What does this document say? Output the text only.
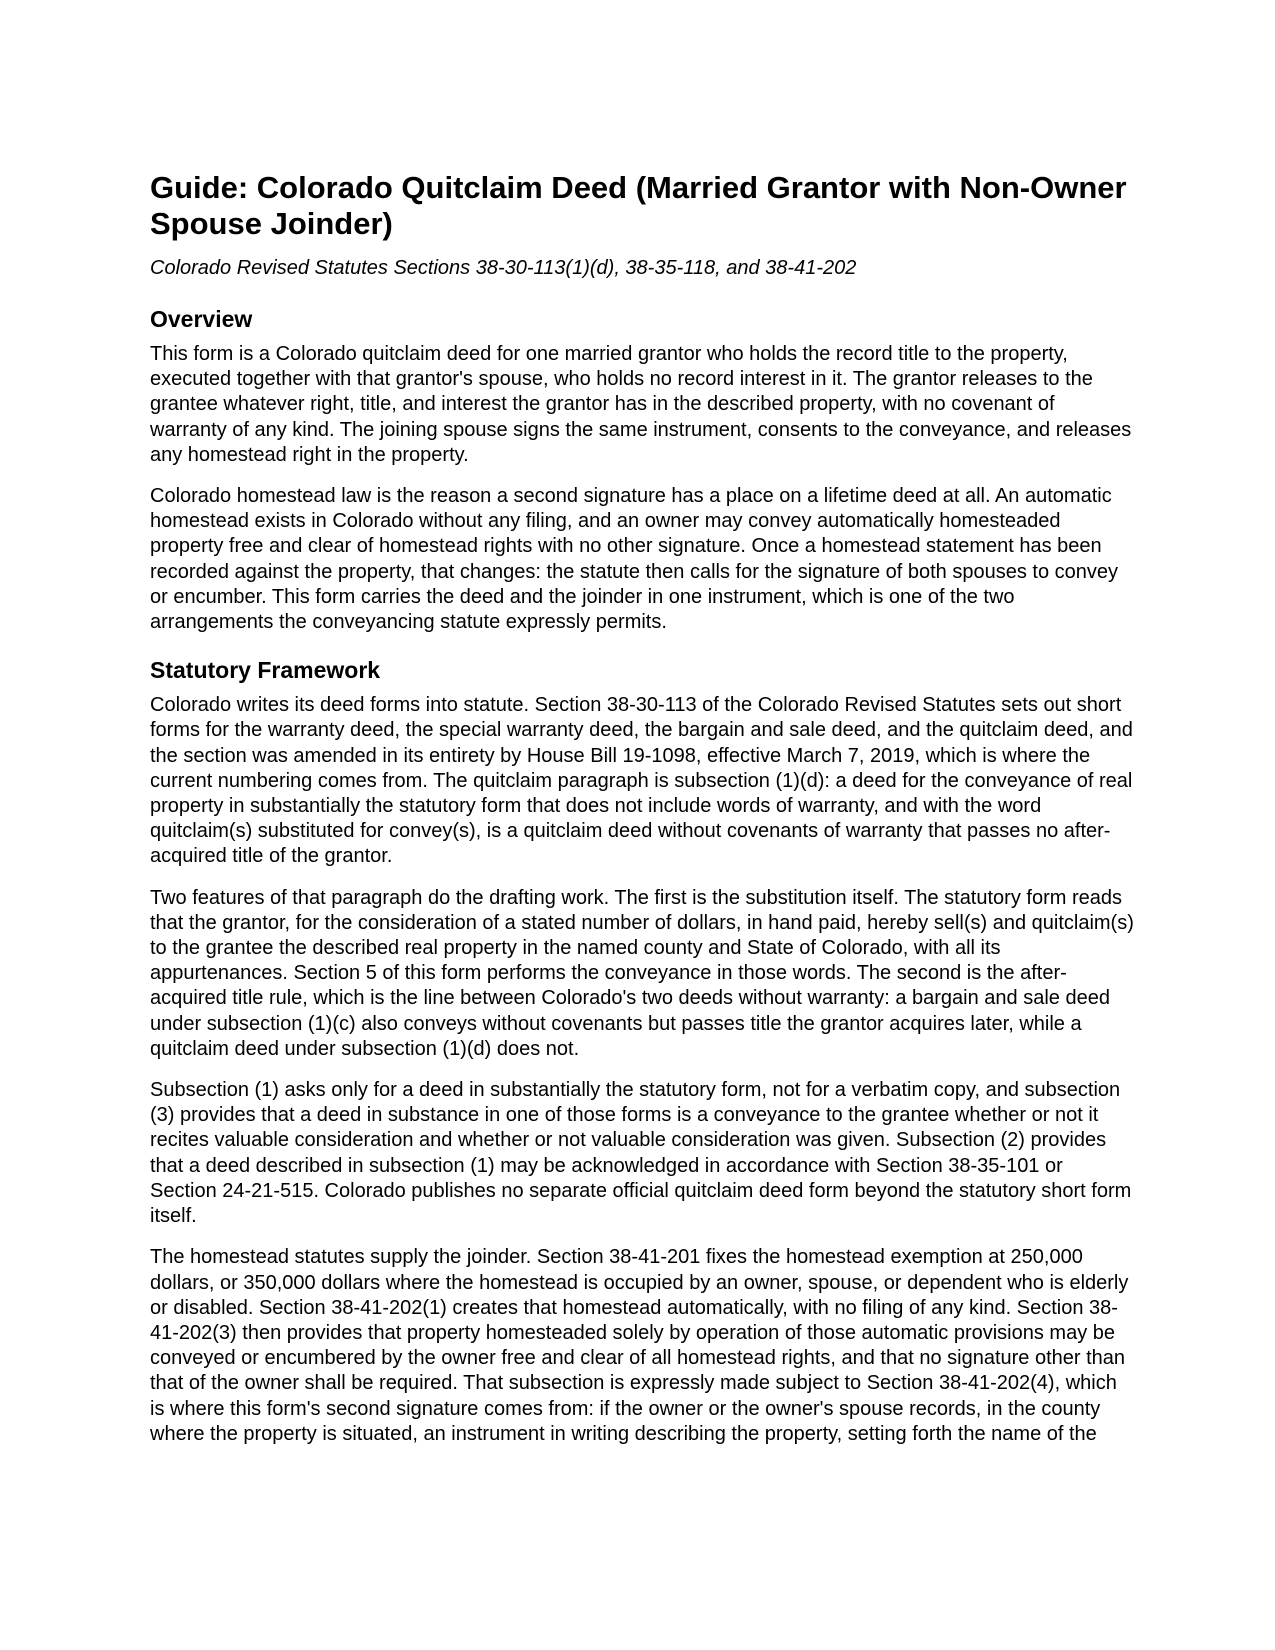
Guide: Colorado Quitclaim Deed (Married Grantor with Non-Owner Spouse Joinder)
Colorado Revised Statutes Sections 38-30-113(1)(d), 38-35-118, and 38-41-202
Overview

This form is a Colorado quitclaim deed for one married grantor who holds the record title to the property, executed together with that grantor's spouse, who holds no record interest in it. The grantor releases to the grantee whatever right, title, and interest the grantor has in the described property, with no covenant of warranty of any kind. The joining spouse signs the same instrument, consents to the conveyance, and releases any homestead right in the property.

Colorado homestead law is the reason a second signature has a place on a lifetime deed at all. An automatic homestead exists in Colorado without any filing, and an owner may convey automatically homesteaded property free and clear of homestead rights with no other signature. Once a homestead statement has been recorded against the property, that changes: the statute then calls for the signature of both spouses to convey or encumber. This form carries the deed and the joinder in one instrument, which is one of the two arrangements the conveyancing statute expressly permits.

Statutory Framework

Colorado writes its deed forms into statute. Section 38-30-113 of the Colorado Revised Statutes sets out short forms for the warranty deed, the special warranty deed, the bargain and sale deed, and the quitclaim deed, and the section was amended in its entirety by House Bill 19-1098, effective March 7, 2019, which is where the current numbering comes from. The quitclaim paragraph is subsection (1)(d): a deed for the conveyance of real property in substantially the statutory form that does not include words of warranty, and with the word quitclaim(s) substituted for convey(s), is a quitclaim deed without covenants of warranty that passes no after-acquired title of the grantor.

Two features of that paragraph do the drafting work. The first is the substitution itself. The statutory form reads that the grantor, for the consideration of a stated number of dollars, in hand paid, hereby sell(s) and quitclaim(s) to the grantee the described real property in the named county and State of Colorado, with all its appurtenances. Section 5 of this form performs the conveyance in those words. The second is the after-acquired title rule, which is the line between Colorado's two deeds without warranty: a bargain and sale deed under subsection (1)(c) also conveys without covenants but passes title the grantor acquires later, while a quitclaim deed under subsection (1)(d) does not.

Subsection (1) asks only for a deed in substantially the statutory form, not for a verbatim copy, and subsection (3) provides that a deed in substance in one of those forms is a conveyance to the grantee whether or not it recites valuable consideration and whether or not valuable consideration was given. Subsection (2) provides that a deed described in subsection (1) may be acknowledged in accordance with Section 38-35-101 or Section 24-21-515. Colorado publishes no separate official quitclaim deed form beyond the statutory short form itself.

The homestead statutes supply the joinder. Section 38-41-201 fixes the homestead exemption at 250,000 dollars, or 350,000 dollars where the homestead is occupied by an owner, spouse, or dependent who is elderly or disabled. Section 38-41-202(1) creates that homestead automatically, with no filing of any kind. Section 38-41-202(3) then provides that property homesteaded solely by operation of those automatic provisions may be conveyed or encumbered by the owner free and clear of all homestead rights, and that no signature other than that of the owner shall be required. That subsection is expressly made subject to Section 38-41-202(4), which is where this form's second signature comes from: if the owner or the owner's spouse records, in the county where the property is situated, an instrument in writing describing the property, setting forth the name of the
